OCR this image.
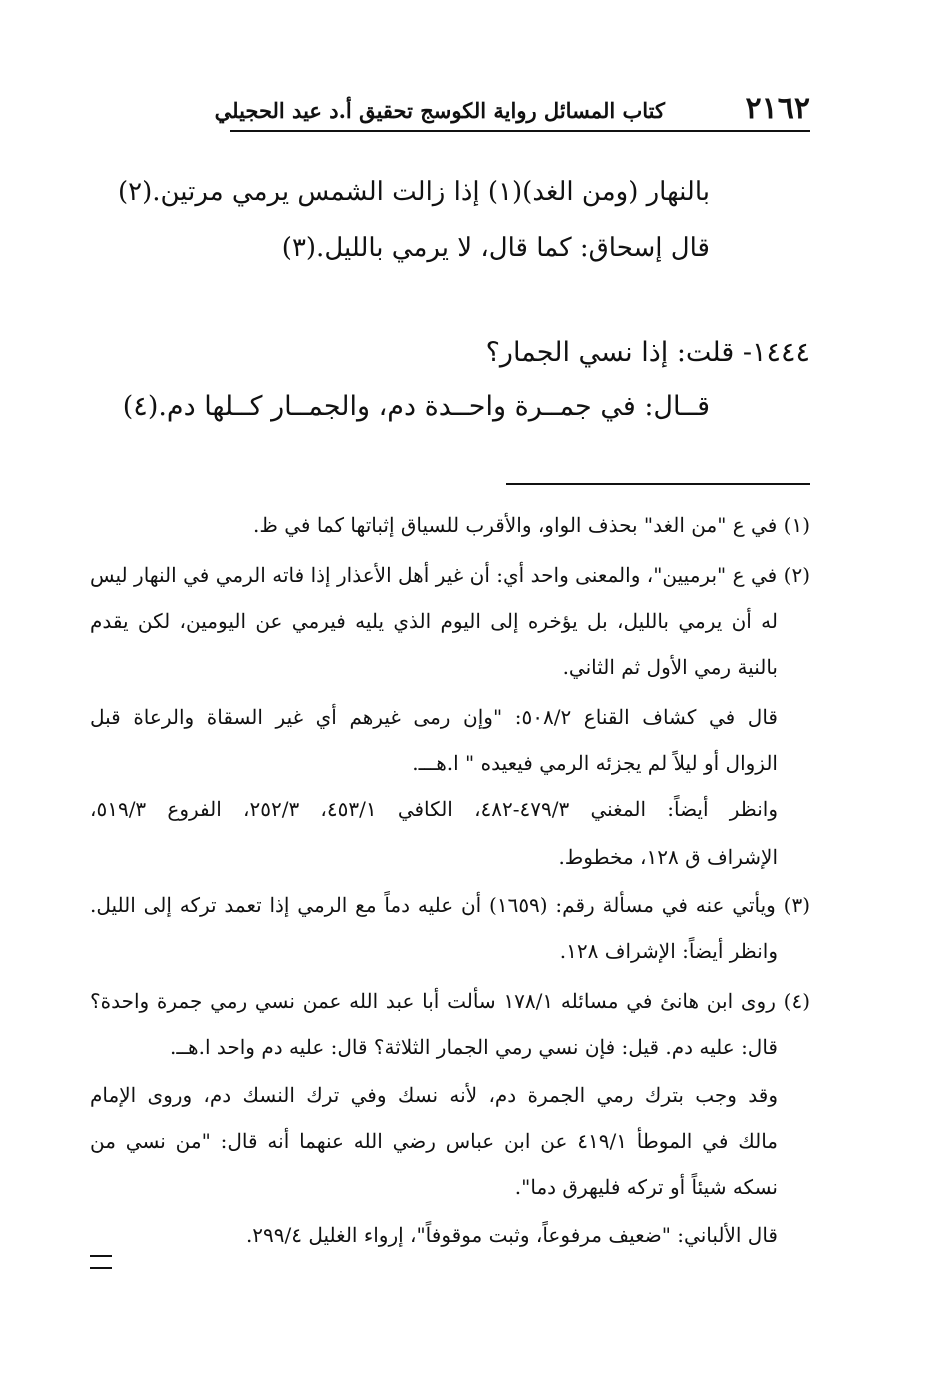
٢١٦٢
كتاب المسائل رواية الكوسج تحقيق أ.د عيد الحجيلي
بالنهار (ومن الغد)(١) إذا زالت الشمس يرمي مرتين.(٢)
قال إسحاق: كما قال، لا يرمي بالليل.(٣)
١٤٤٤- قلت: إذا نسي الجمار؟
قــال: في جمــرة واحــدة دم، والجمــار كــلها دم.(٤)
(١) في ع "من الغد" بحذف الواو، والأقرب للسياق إثباتها كما في ظ.
(٢) في ع "برميين"، والمعنى واحد أي: أن غير أهل الأعذار إذا فاته الرمي في النهار ليس
له أن يرمي بالليل، بل يؤخره إلى اليوم الذي يليه فيرمي عن اليومين، لكن يقدم
بالنية رمي الأول ثم الثاني.
قال في كشاف القناع ٥٠٨/٢: "وإن رمى غيرهم أي غير السقاة والرعاة قبل
الزوال أو ليلاً لم يجزئه الرمي فيعيده " ا.هـــ.
وانظر أيضاً: المغني ٤٧٩/٣-٤٨٢، الكافي ٤٥٣/١، ٢٥٢/٣، الفروع ٥١٩/٣،
الإشراف ق ١٢٨، مخطوط.
(٣) ويأتي عنه في مسألة رقم: (١٦٥٩) أن عليه دماً مع الرمي إذا تعمد تركه إلى الليل.
وانظر أيضاً: الإشراف ١٢٨.
(٤) روى ابن هانئ في مسائله ١٧٨/١ سألت أبا عبد الله عمن نسي رمي جمرة واحدة؟
قال: عليه دم. قيل: فإن نسي رمي الجمار الثلاثة؟ قال: عليه دم واحد ا.هــ.
وقد وجب بترك رمي الجمرة دم، لأنه نسك وفي ترك النسك دم، وروى الإمام
مالك في الموطأ ٤١٩/١ عن ابن عباس رضي الله عنهما أنه قال: "من نسي من
نسكه شيئاً أو تركه فليهرق دما".
قال الألباني: "ضعيف مرفوعاً، وثبت موقوفاً"، إرواء الغليل ٢٩٩/٤.
